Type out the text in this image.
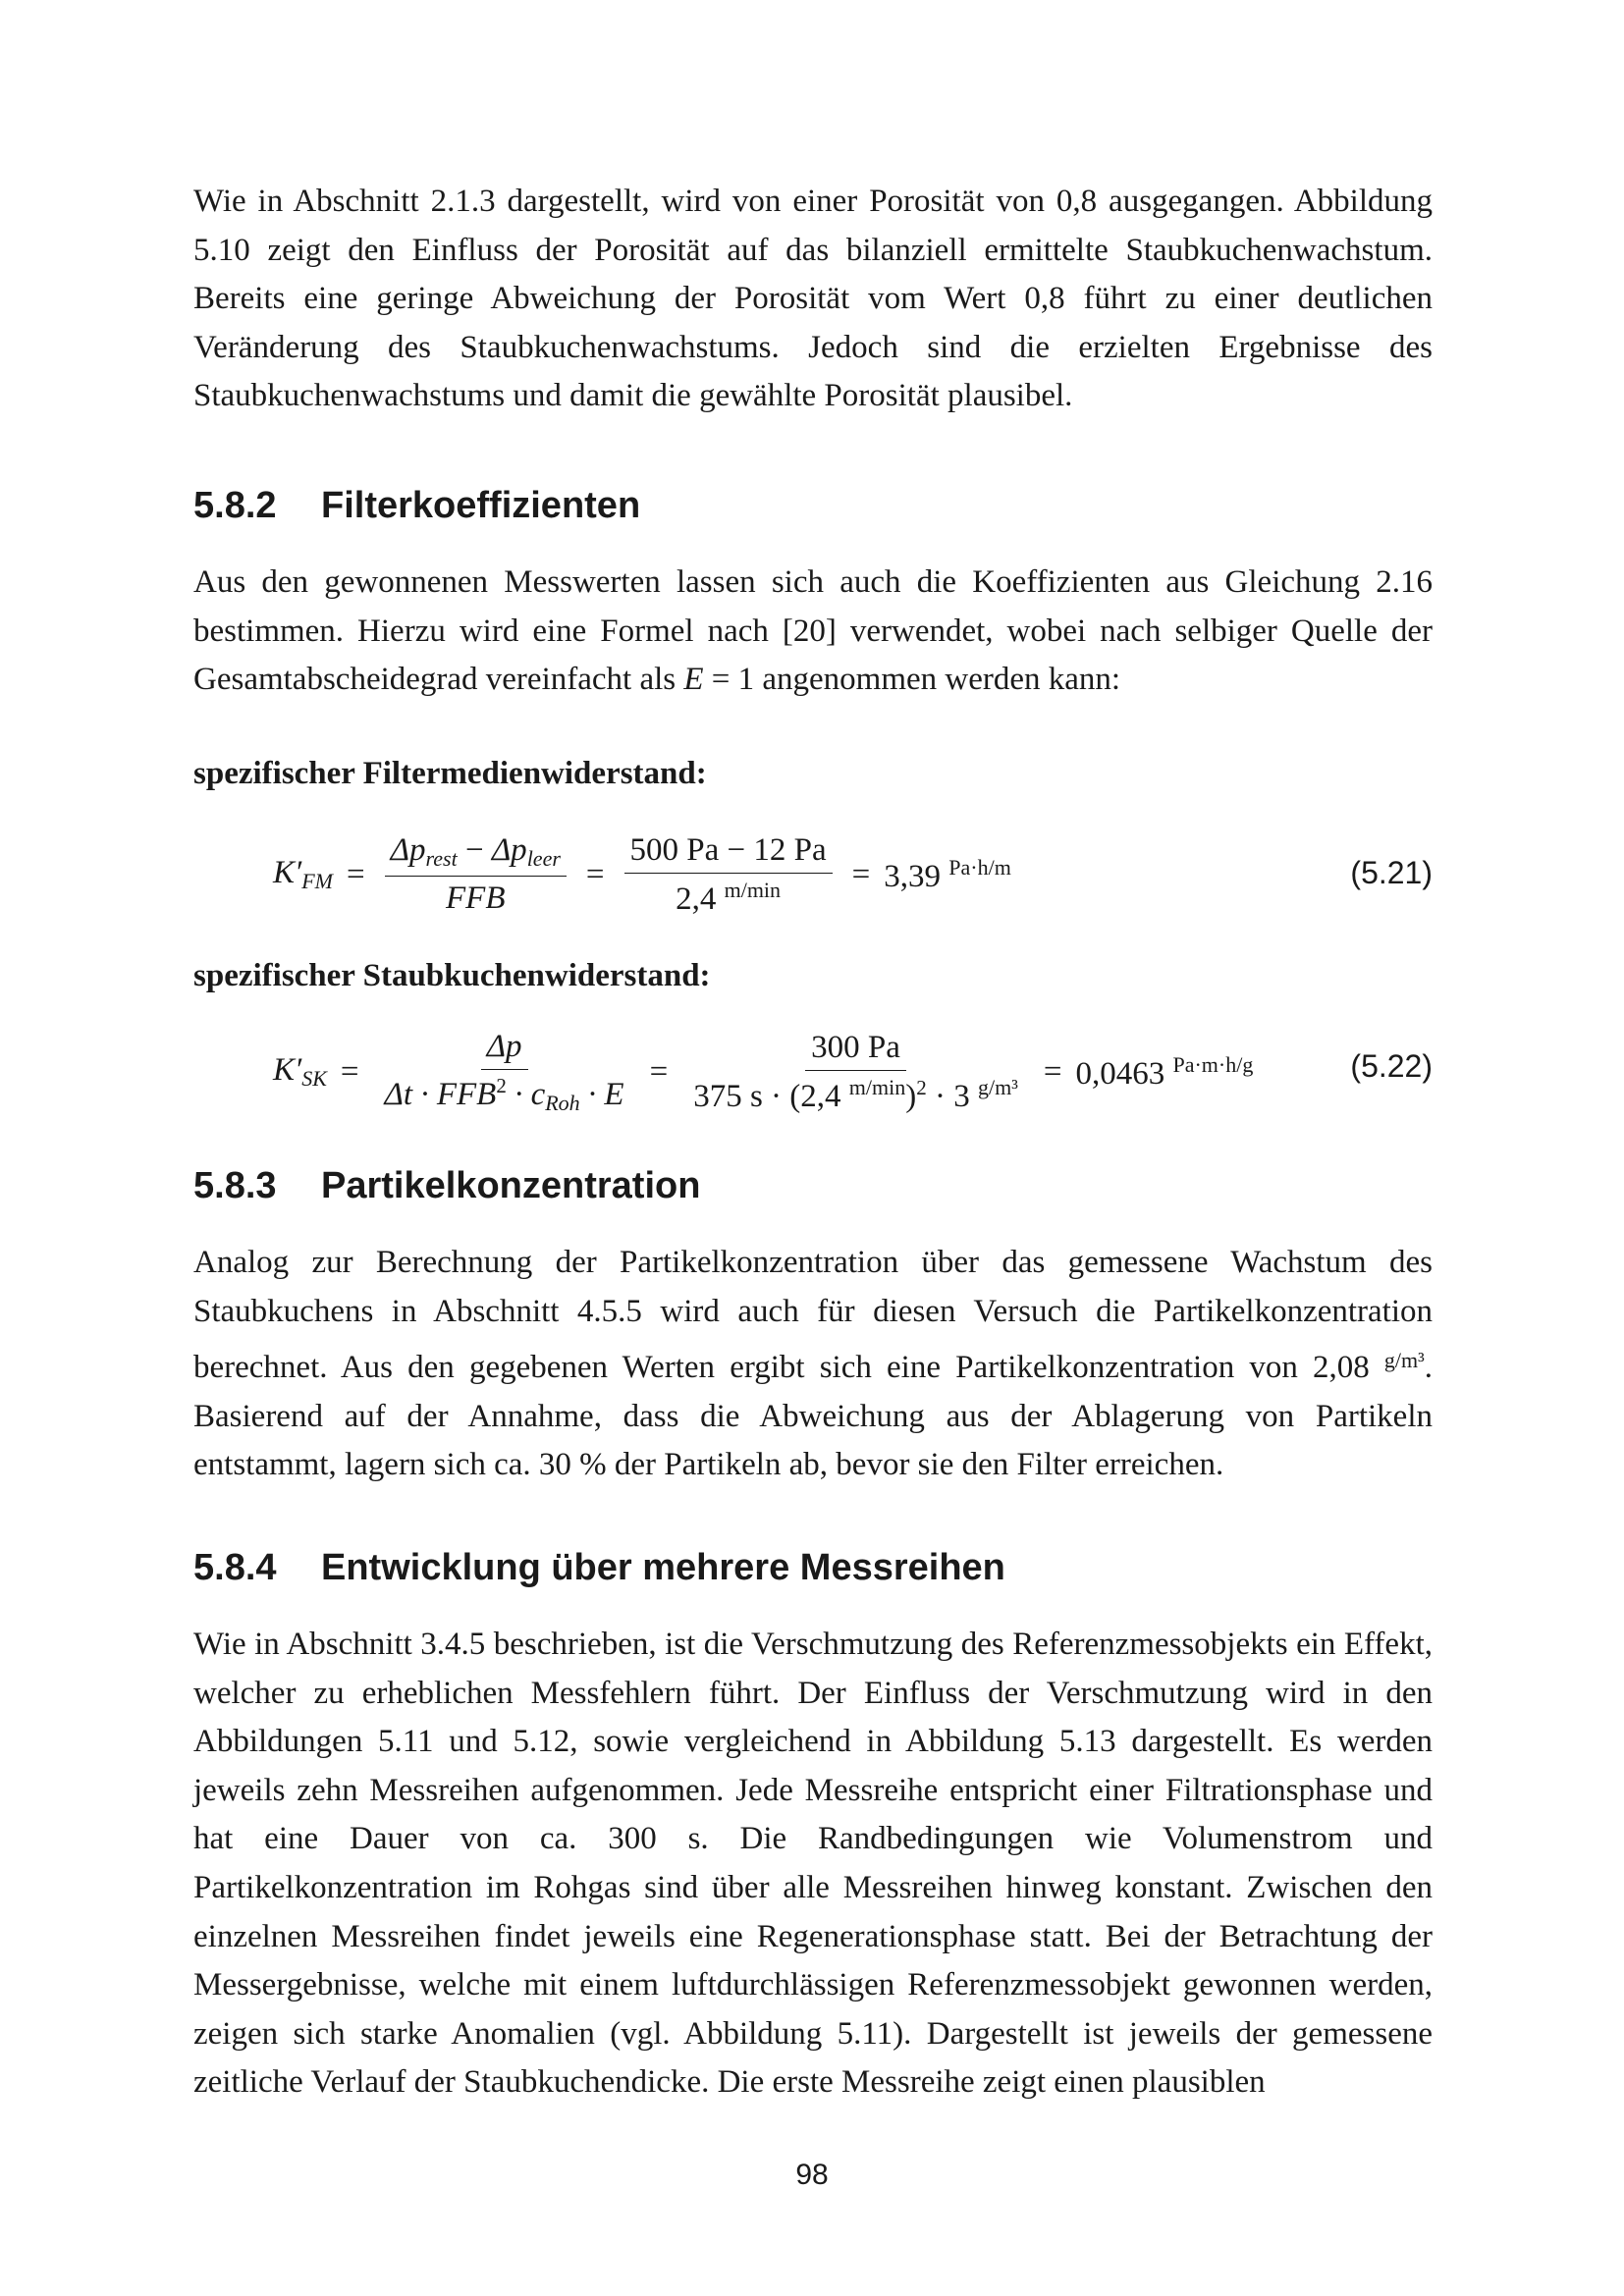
Wie in Abschnitt 2.1.3 dargestellt, wird von einer Porosität von 0,8 ausgegangen. Abbildung 5.10 zeigt den Einfluss der Porosität auf das bilanziell ermittelte Staubkuchenwachstum. Bereits eine geringe Abweichung der Porosität vom Wert 0,8 führt zu einer deutlichen Veränderung des Staubkuchenwachstums. Jedoch sind die erzielten Ergebnisse des Staubkuchenwachstums und damit die gewählte Porosität plausibel.

5.8.2 Filterkoeffizienten

Aus den gewonnenen Messwerten lassen sich auch die Koeffizienten aus Gleichung 2.16 bestimmen. Hierzu wird eine Formel nach [20] verwendet, wobei nach selbiger Quelle der Gesamtabscheidegrad vereinfacht als E = 1 angenommen werden kann:

spezifischer Filtermedienwiderstand:
$K'_{FM} = \frac{\Delta p_{rest} - \Delta p_{leer}}{\text{FFB}} = \frac{500 Pa - 12 Pa}{2,4 ^{m/min}} = 3,39$ $^{Pa\cdot h/m}$	(5.21)
spezifischer Staubkuchenwiderstand:
$K'_{SK} = \frac{\Delta p}{\Delta t \cdot FFB^2 \cdot c_{Roh} \cdot E} = \frac{300 Pa}{375 s \cdot (2,4 ^{m/min})^2 \cdot 3 ^{g/m^3}} = 0,0463$ $^{Pa\cdot m\cdot h/g}$	(5.22)
5.8.3 Partikelkonzentration

Analog zur Berechnung der Partikelkonzentration über das gemessene Wachstum des Staubkuchens in Abschnitt 4.5.5 wird auch für diesen Versuch die Partikelkonzentration berechnet. Aus den gegebenen Werten ergibt sich eine Partikelkonzentration von 2,08 $^{g/m^3}$. Basierend auf der Annahme, dass die Abweichung aus der Ablagerung von Partikeln entstammt, lagern sich ca. 30 % der Partikeln ab, bevor sie den Filter erreichen.

5.8.4 Entwicklung über mehrere Messreihen

Wie in Abschnitt 3.4.5 beschrieben, ist die Verschmutzung des Referenzmessobjekts ein Effekt, welcher zu erheblichen Messfehlern führt. Der Einfluss der Verschmutzung wird in den Abbildungen 5.11 und 5.12, sowie vergleichend in Abbildung 5.13 dargestellt. Es werden jeweils zehn Messreihen aufgenommen. Jede Messreihe entspricht einer Filtrationsphase und hat eine Dauer von ca. 300 s. Die Randbedingungen wie Volumenstrom und Partikelkonzentration im Rohgas sind über alle Messreihen hinweg konstant. Zwischen den einzelnen Messreihen findet jeweils eine Regenerationsphase statt. Bei der Betrachtung der Messergebnisse, welche mit einem luftdurchlässigen Referenzmessobjekt gewonnen werden, zeigen sich starke Anomalien (vgl. Abbildung 5.11). Dargestellt ist jeweils der gemessene zeitliche Verlauf der Staubkuchendicke. Die erste Messreihe zeigt einen plausiblen

98
